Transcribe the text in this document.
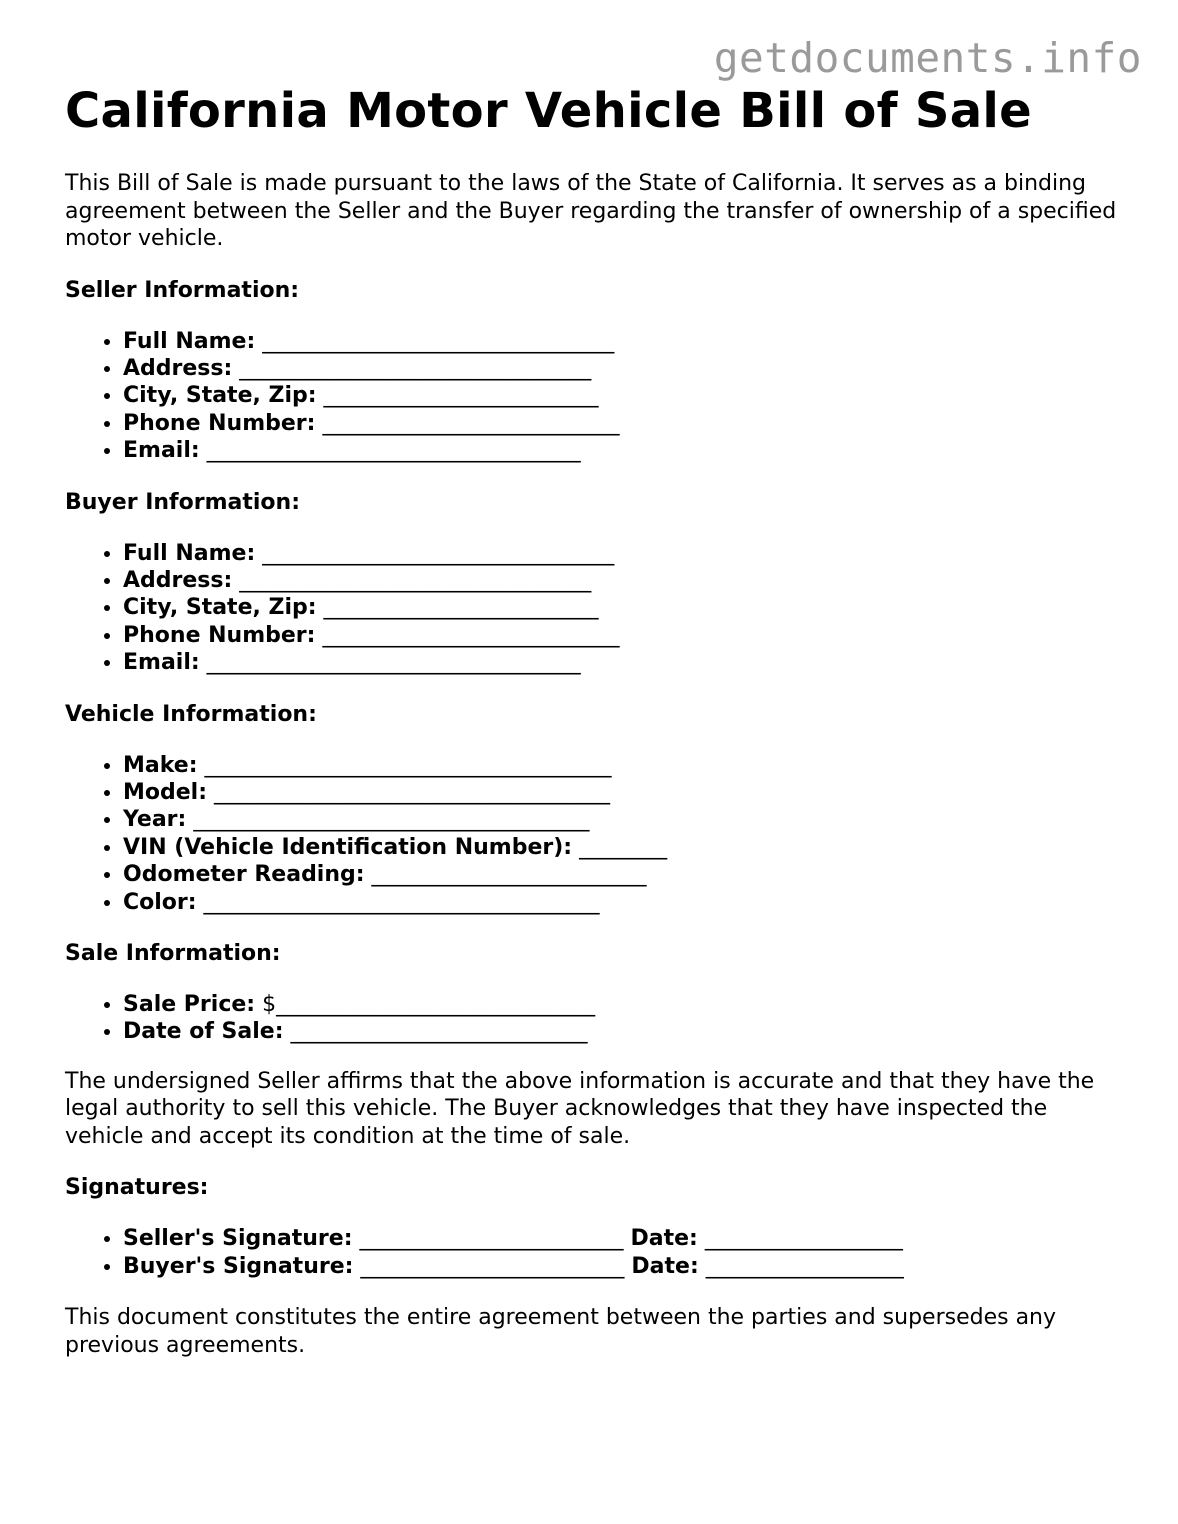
getdocuments.info
California Motor Vehicle Bill of Sale

This Bill of Sale is made pursuant to the laws of the State of California. It serves as a binding agreement between the Seller and the Buyer regarding the transfer of ownership of a specified motor vehicle.

Seller Information:
• Full Name: ________________________________
• Address: ________________________________
• City, State, Zip: _________________________
• Phone Number: ___________________________
• Email: __________________________________
Buyer Information:
• Full Name: ________________________________
• Address: ________________________________
• City, State, Zip: _________________________
• Phone Number: ___________________________
• Email: __________________________________
Vehicle Information:
• Make: _____________________________________
• Model: ____________________________________
• Year: ____________________________________
• VIN (Vehicle Identification Number): ________
• Odometer Reading: _________________________
• Color: ____________________________________
Sale Information:
• Sale Price: $_____________________________
• Date of Sale: ___________________________

The undersigned Seller affirms that the above information is accurate and that they have the legal authority to sell this vehicle. The Buyer acknowledges that they have inspected the vehicle and accept its condition at the time of sale.

Signatures:
• Seller's Signature: ________________________ Date: __________________
• Buyer's Signature: ________________________ Date: __________________

This document constitutes the entire agreement between the parties and supersedes any previous agreements.
